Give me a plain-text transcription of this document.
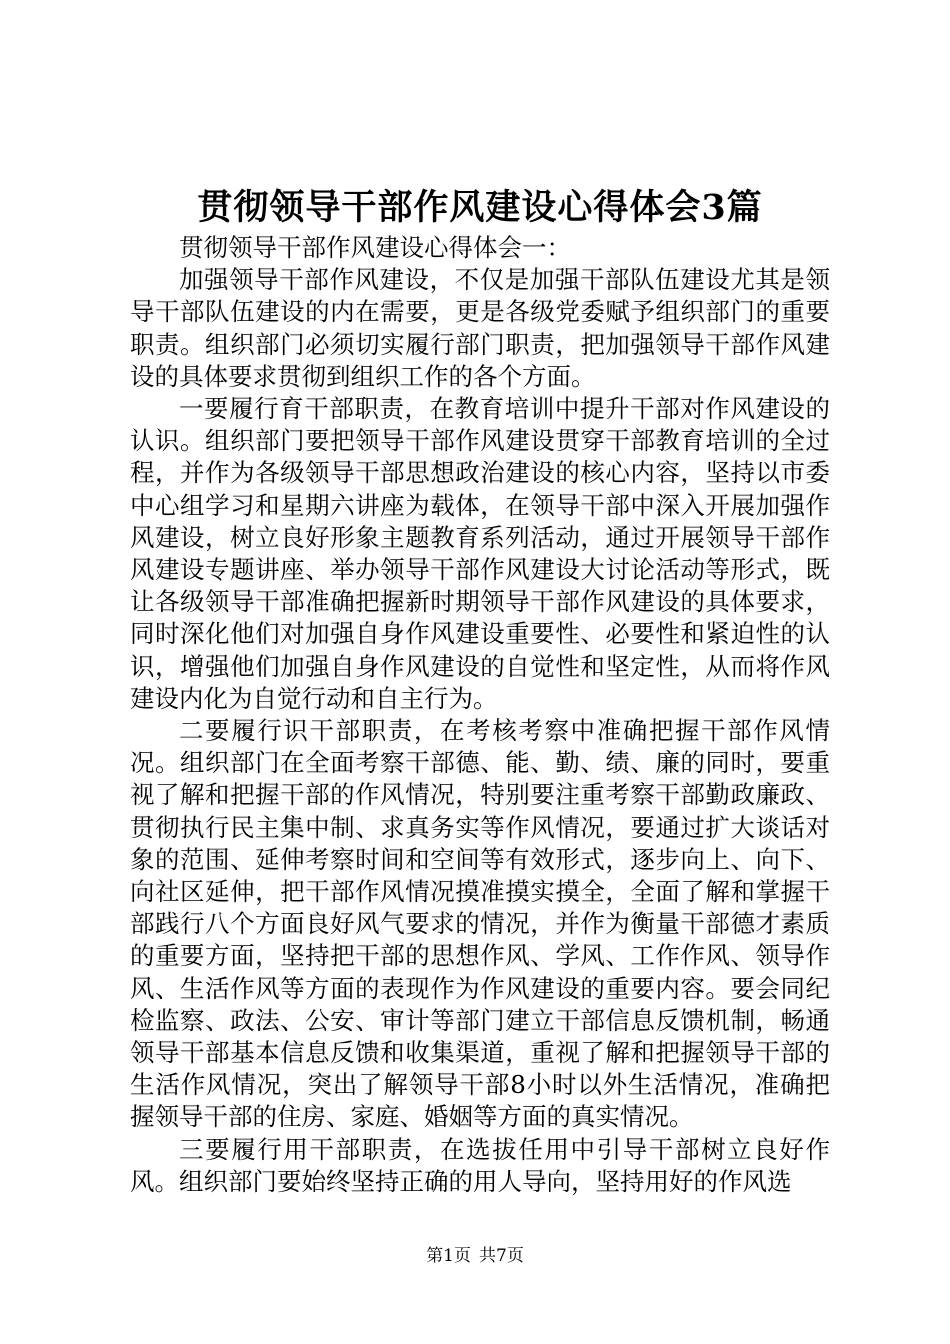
贯彻领导干部作风建设心得体会3篇

贯彻领导干部作风建设心得体会一：

加强领导干部作风建设，不仅是加强干部队伍建设尤其是领导干部队伍建设的内在需要，更是各级党委赋予组织部门的重要职责。组织部门必须切实履行部门职责，把加强领导干部作风建设的具体要求贯彻到组织工作的各个方面。

一要履行育干部职责，在教育培训中提升干部对作风建设的认识。组织部门要把领导干部作风建设贯穿干部教育培训的全过程，并作为各级领导干部思想政治建设的核心内容，坚持以市委中心组学习和星期六讲座为载体，在领导干部中深入开展加强作风建设，树立良好形象主题教育系列活动，通过开展领导干部作风建设专题讲座、举办领导干部作风建设大讨论活动等形式，既让各级领导干部准确把握新时期领导干部作风建设的具体要求，同时深化他们对加强自身作风建设重要性、必要性和紧迫性的认识，增强他们加强自身作风建设的自觉性和坚定性，从而将作风建设内化为自觉行动和自主行为。

二要履行识干部职责，在考核考察中准确把握干部作风情况。组织部门在全面考察干部德、能、勤、绩、廉的同时，要重视了解和把握干部的作风情况，特别要注重考察干部勤政廉政、贯彻执行民主集中制、求真务实等作风情况，要通过扩大谈话对象的范围、延伸考察时间和空间等有效形式，逐步向上、向下、向社区延伸，把干部作风情况摸准摸实摸全，全面了解和掌握干部践行八个方面良好风气要求的情况，并作为衡量干部德才素质的重要方面，坚持把干部的思想作风、学风、工作作风、领导作风、生活作风等方面的表现作为作风建设的重要内容。要会同纪检监察、政法、公安、审计等部门建立干部信息反馈机制，畅通领导干部基本信息反馈和收集渠道，重视了解和把握领导干部的生活作风情况，突出了解领导干部8小时以外生活情况，准确把握领导干部的住房、家庭、婚姻等方面的真实情况。

三要履行用干部职责，在选拔任用中引导干部树立良好作风。组织部门要始终坚持正确的用人导向，坚持用好的作风选

第1页 共7页
